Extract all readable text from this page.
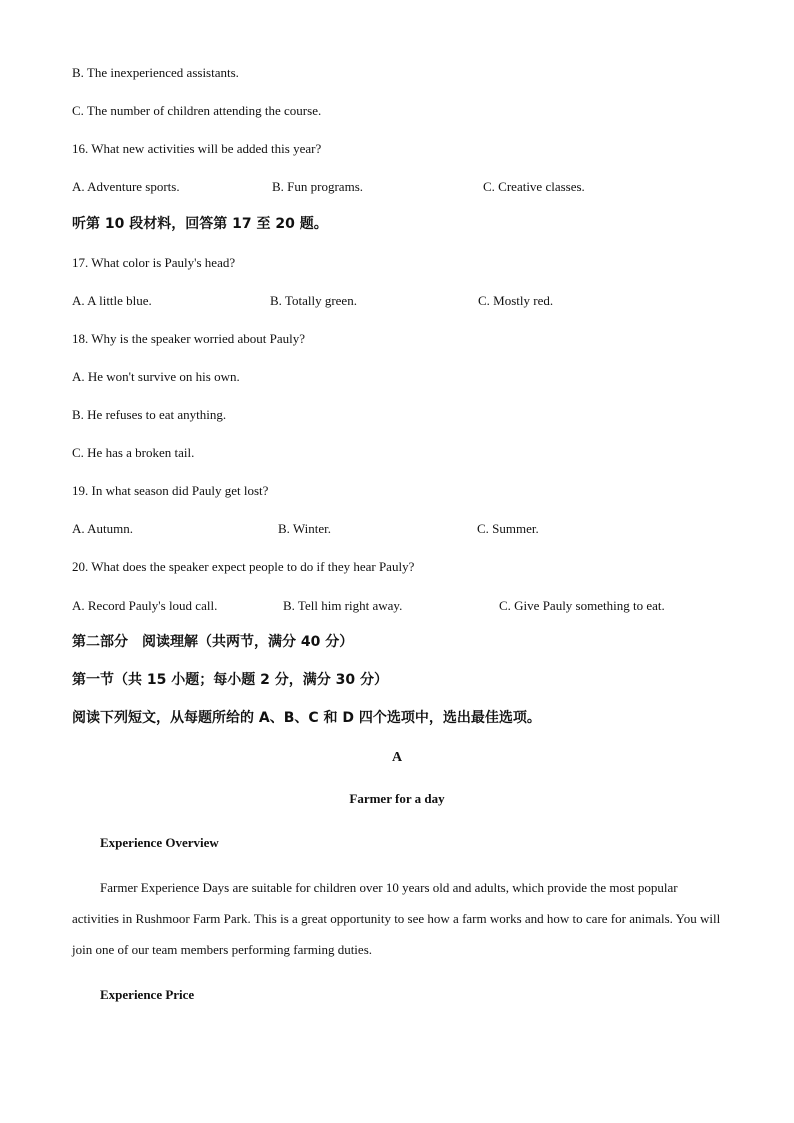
B. The inexperienced assistants.
C. The number of children attending the course.
16. What new activities will be added this year?
A. Adventure sports.	B. Fun programs.	C. Creative classes.
听第 10 段材料，回答第 17 至 20 题。
17. What color is Pauly's head?
A. A little blue.	B. Totally green.	C. Mostly red.
18. Why is the speaker worried about Pauly?
A. He won't survive on his own.
B. He refuses to eat anything.
C. He has a broken tail.
19. In what season did Pauly get lost?
A. Autumn.	B. Winter.	C. Summer.
20. What does the speaker expect people to do if they hear Pauly?
A. Record Pauly's loud call.	B. Tell him right away.	C. Give Pauly something to eat.
第二部分　阅读理解（共两节，满分 40 分）
第一节（共 15 小题；每小题 2 分，满分 30 分）
阅读下列短文，从每题所给的 A、B、C 和 D 四个选项中，选出最佳选项。
A
Farmer for a day
Experience Overview
Farmer Experience Days are suitable for children over 10 years old and adults, which provide the most popular activities in Rushmoor Farm Park. This is a great opportunity to see how a farm works and how to care for animals. You will join one of our team members performing farming duties.
Experience Price
